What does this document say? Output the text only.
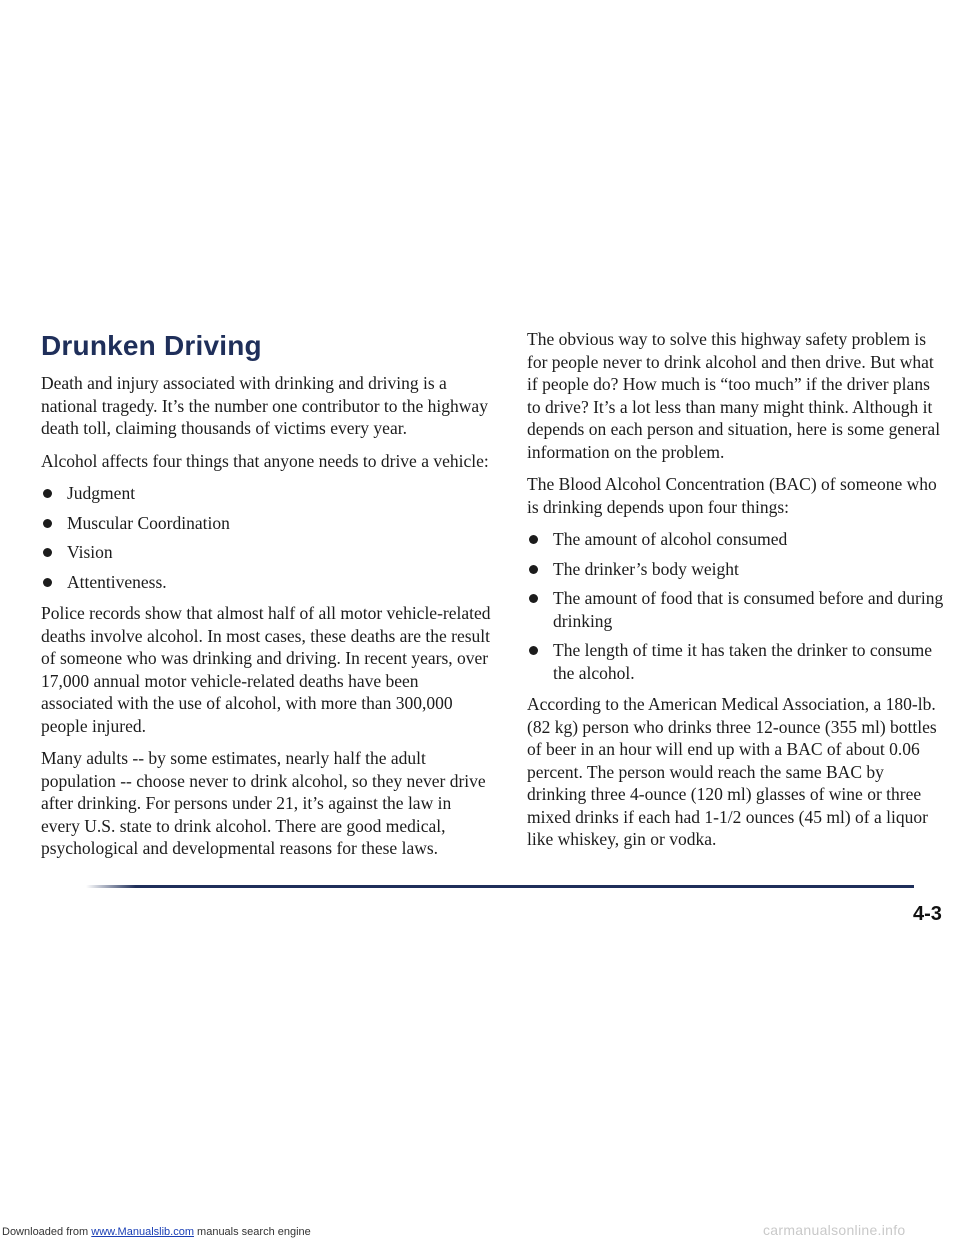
Drunken Driving

Death and injury associated with drinking and driving is a national tragedy. It’s the number one contributor to the highway death toll, claiming thousands of victims every year.

Alcohol affects four things that anyone needs to drive a vehicle:

Judgment
Muscular Coordination
Vision
Attentiveness.

Police records show that almost half of all motor vehicle-related deaths involve alcohol. In most cases, these deaths are the result of someone who was drinking and driving. In recent years, over 17,000 annual motor vehicle-related deaths have been associated with the use of alcohol, with more than 300,000 people injured.

Many adults -- by some estimates, nearly half the adult population -- choose never to drink alcohol, so they never drive after drinking. For persons under 21, it’s against the law in every U.S. state to drink alcohol. There are good medical, psychological and developmental reasons for these laws.

The obvious way to solve this highway safety problem is for people never to drink alcohol and then drive. But what if people do? How much is “too much” if the driver plans to drive? It’s a lot less than many might think. Although it depends on each person and situation, here is some general information on the problem.

The Blood Alcohol Concentration (BAC) of someone who is drinking depends upon four things:

The amount of alcohol consumed
The drinker’s body weight
The amount of food that is consumed before and during drinking
The length of time it has taken the drinker to consume the alcohol.

According to the American Medical Association, a 180-lb. (82 kg) person who drinks three 12-ounce (355 ml) bottles of beer in an hour will end up with a BAC of about 0.06 percent. The person would reach the same BAC by drinking three 4-ounce (120 ml) glasses of wine or three mixed drinks if each had 1-1/2 ounces (45 ml) of a liquor like whiskey, gin or vodka.

4-3
Downloaded from www.Manualslib.com manuals search engine	carmanualsonline.info
